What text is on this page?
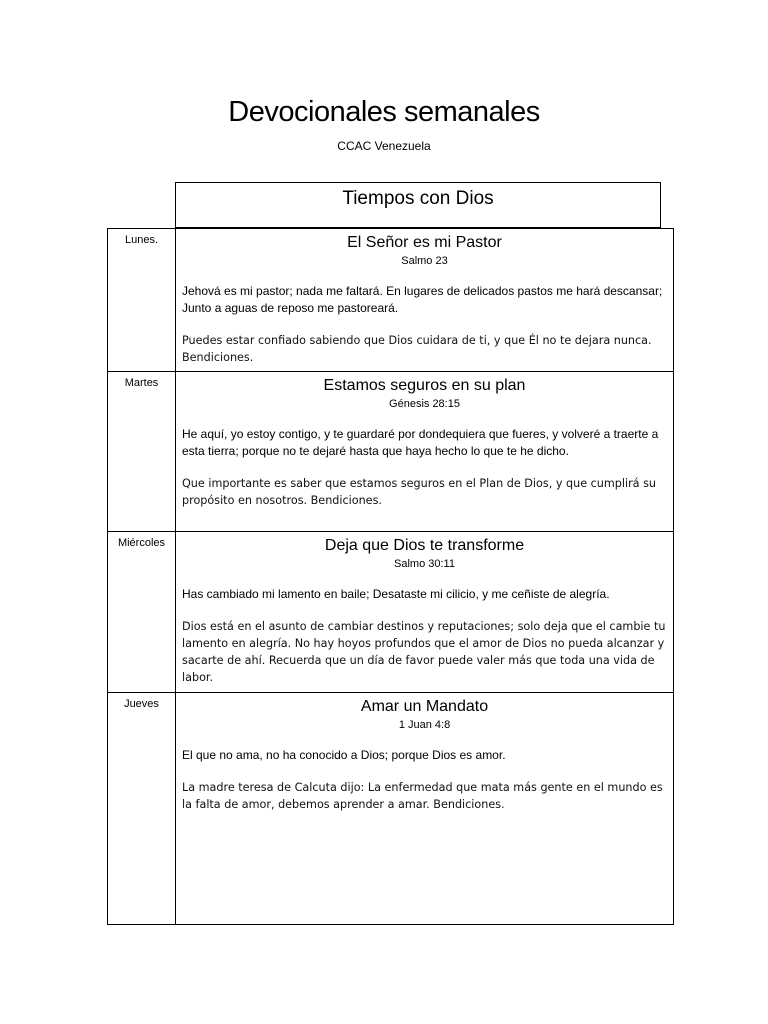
Devocionales semanales
CCAC Venezuela
Tiempos con Dios
Lunes.	El Señor es mi Pastor
Salmo 23
Jehová es mi pastor; nada me faltará. En lugares de delicados pastos me hará descansar; Junto a aguas de reposo me pastoreará.
Puedes estar confiado sabiendo que Dios cuidara de ti, y que Él no te dejara nunca. Bendiciones.

Martes	Estamos seguros en su plan
Génesis 28:15
He aquí, yo estoy contigo, y te guardaré por dondequiera que fueres, y volveré a traerte a esta tierra; porque no te dejaré hasta que haya hecho lo que te he dicho.
Que importante es saber que estamos seguros en el Plan de Dios, y que cumplirá su propósito en nosotros. Bendiciones.

Miércoles	Deja que Dios te transforme
Salmo 30:11
Has cambiado mi lamento en baile; Desataste mi cilicio, y me ceñiste de alegría.
Dios está en el asunto de cambiar destinos y reputaciones; solo deja que el cambie tu lamento en alegría. No hay hoyos profundos que el amor de Dios no pueda alcanzar y sacarte de ahí. Recuerda que un día de favor puede valer más que toda una vida de labor.

Jueves	Amar un Mandato
1 Juan 4:8
El que no ama, no ha conocido a Dios; porque Dios es amor.
La madre teresa de Calcuta dijo: La enfermedad que mata más gente en el mundo es la falta de amor, debemos aprender a amar. Bendiciones.
